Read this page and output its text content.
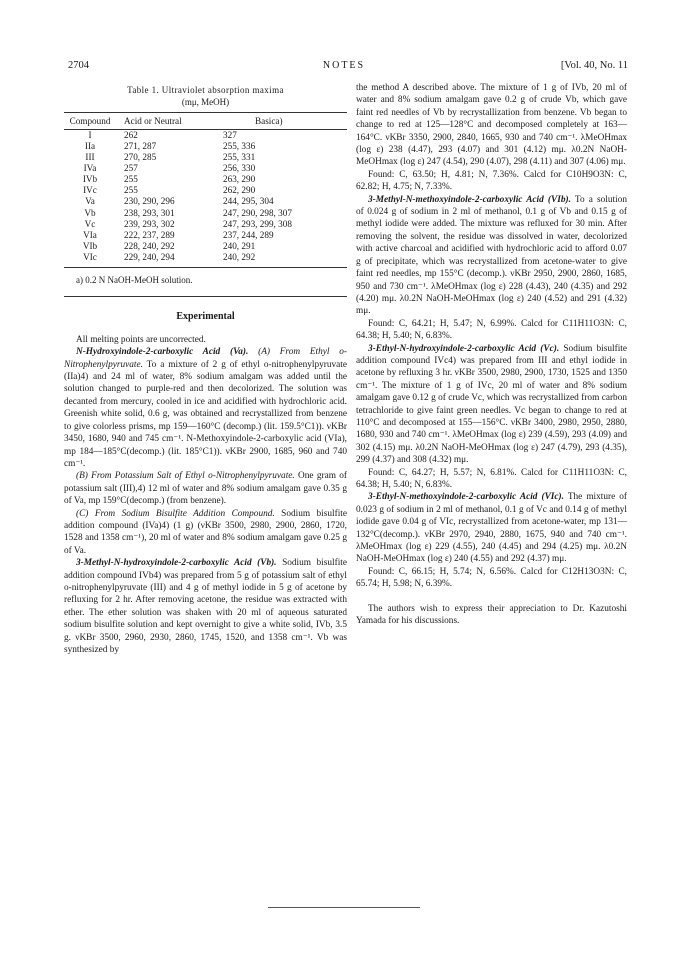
2704	NOTES	[Vol. 40, No. 11
Table 1. Ultraviolet absorption maxima
(mμ, MeOH)
Compound	Acid or Neutral	Basica)
I	262	327
IIa	271, 287	255, 336
III	270, 285	255, 331
IVa	257	256, 330
IVb	255	263, 290
IVc	255	262, 290
Va	230, 290, 296	244, 295, 304
Vb	238, 293, 301	247, 290, 298, 307
Vc	239, 293, 302	247, 293, 299, 308
VIa	222, 237, 289	237, 244, 289
VIb	228, 240, 292	240, 291
VIc	229, 240, 294	240, 292
a) 0.2 N NaOH-MeOH solution.
Experimental

All melting points are uncorrected.

N-Hydroxyindole-2-carboxylic Acid (Va). (A) From Ethyl o-Nitrophenylpyruvate. To a mixture of 2 g of ethyl o-nitrophenylpyruvate (IIa)4) and 24 ml of water, 8% sodium amalgam was added until the solution changed to purple-red and then decolorized. The solution was decanted from mercury, cooled in ice and acidified with hydrochloric acid. Greenish white solid, 0.6 g, was obtained and recrystallized from benzene to give colorless prisms, mp 159—160°C (decomp.) (lit. 159.5°C1)). νKBr 3450, 1680, 940 and 745 cm⁻¹. N-Methoxyindole-2-carboxylic acid (VIa), mp 184—185°C(decomp.) (lit. 185°C1)). νKBr 2900, 1685, 960 and 740 cm⁻¹.

(B) From Potassium Salt of Ethyl o-Nitrophenylpyruvate. One gram of potassium salt (III),4) 12 ml of water and 8% sodium amalgam gave 0.35 g of Va, mp 159°C(decomp.) (from benzene).

(C) From Sodium Bisulfite Addition Compound. Sodium bisulfite addition compound (IVa)4) (1 g) (νKBr 3500, 2980, 2900, 2860, 1720, 1528 and 1358 cm⁻¹), 20 ml of water and 8% sodium amalgam gave 0.25 g of Va.

3-Methyl-N-hydroxyindole-2-carboxylic Acid (Vb). Sodium bisulfite addition compound IVb4) was prepared from 5 g of potassium salt of ethyl o-nitrophenylpyruvate (III) and 4 g of methyl iodide in 5 g of acetone by refluxing for 2 hr. After removing acetone, the residue was extracted with ether. The ether solution was shaken with 20 ml of aqueous saturated sodium bisulfite solution and kept overnight to give a white solid, IVb, 3.5 g. νKBr 3500, 2960, 2930, 2860, 1745, 1520, and 1358 cm⁻¹. Vb was synthesized by

the method A described above. The mixture of 1 g of IVb, 20 ml of water and 8% sodium amalgam gave 0.2 g of crude Vb, which gave faint red needles of Vb by recrystallization from benzene. Vb began to change to red at 125—128°C and decomposed completely at 163—164°C. νKBr 3350, 2900, 2840, 1665, 930 and 740 cm⁻¹. λMeOHmax (log ε) 238 (4.47), 293 (4.07) and 301 (4.12) mμ. λ0.2N NaOH-MeOHmax (log ε) 247 (4.54), 290 (4.07), 298 (4.11) and 307 (4.06) mμ.

Found: C, 63.50; H, 4.81; N, 7.36%. Calcd for C10H9O3N: C, 62.82; H, 4.75; N, 7.33%.

3-Methyl-N-methoxyindole-2-carboxylic Acid (VIb). To a solution of 0.024 g of sodium in 2 ml of methanol, 0.1 g of Vb and 0.15 g of methyl iodide were added. The mixture was refluxed for 30 min. After removing the solvent, the residue was dissolved in water, decolorized with active charcoal and acidified with hydrochloric acid to afford 0.07 g of precipitate, which was recrystallized from acetone-water to give faint red needles, mp 155°C (decomp.). νKBr 2950, 2900, 2860, 1685, 950 and 730 cm⁻¹. λMeOHmax (log ε) 228 (4.43), 240 (4.35) and 292 (4.20) mμ. λ0.2N NaOH-MeOHmax (log ε) 240 (4.52) and 291 (4.32) mμ.

Found: C, 64.21; H, 5.47; N, 6.99%. Calcd for C11H11O3N: C, 64.38; H, 5.40; N, 6.83%.

3-Ethyl-N-hydroxyindole-2-carboxylic Acid (Vc). Sodium bisulfite addition compound IVc4) was prepared from III and ethyl iodide in acetone by refluxing 3 hr. νKBr 3500, 2980, 2900, 1730, 1525 and 1350 cm⁻¹. The mixture of 1 g of IVc, 20 ml of water and 8% sodium amalgam gave 0.12 g of crude Vc, which was recrystallized from carbon tetrachloride to give faint green needles. Vc began to change to red at 110°C and decomposed at 155—156°C. νKBr 3400, 2980, 2950, 2880, 1680, 930 and 740 cm⁻¹. λMeOHmax (log ε) 239 (4.59), 293 (4.09) and 302 (4.15) mμ. λ0.2N NaOH-MeOHmax (log ε) 247 (4.79), 293 (4.35), 299 (4.37) and 308 (4.32) mμ.

Found: C, 64.27; H, 5.57; N, 6.81%. Calcd for C11H11O3N: C, 64.38; H, 5.40; N, 6.83%.

3-Ethyl-N-methoxyindole-2-carboxylic Acid (VIc). The mixture of 0.023 g of sodium in 2 ml of methanol, 0.1 g of Vc and 0.14 g of methyl iodide gave 0.04 g of VIc, recrystallized from acetone-water, mp 131—132°C(decomp.). νKBr 2970, 2940, 2880, 1675, 940 and 740 cm⁻¹. λMeOHmax (log ε) 229 (4.55), 240 (4.45) and 294 (4.25) mμ. λ0.2N NaOH-MeOHmax (log ε) 240 (4.55) and 292 (4.37) mμ.

Found: C, 66.15; H, 5.74; N, 6.56%. Calcd for C12H13O3N: C, 65.74; H, 5.98; N, 6.39%.

The authors wish to express their appreciation to Dr. Kazutoshi Yamada for his discussions.
